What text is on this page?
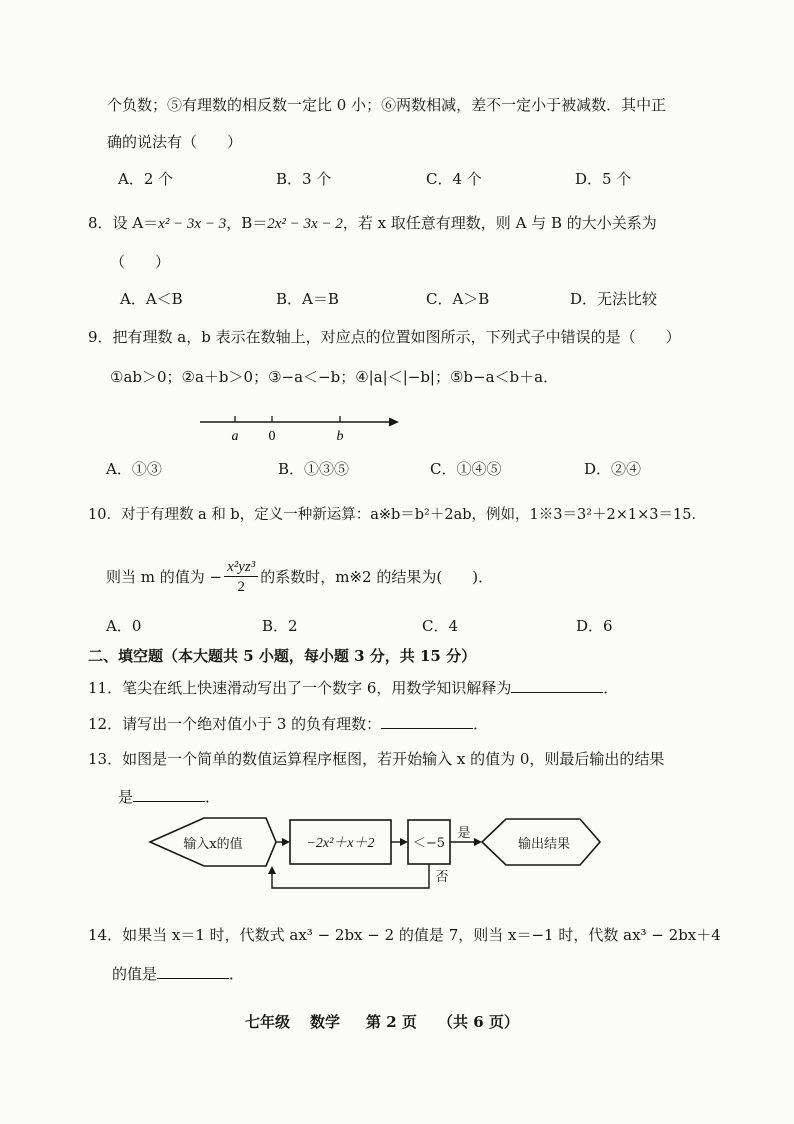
个负数；⑤有理数的相反数一定比 0 小；⑥两数相减，差不一定小于被减数．其中正
确的说法有（　　）
A．2 个	B．3 个	C．4 个	D．5 个
8．设 A＝x² − 3x − 3，B＝2x² − 3x − 2，若 x 取任意有理数，则 A 与 B 的大小关系为
（　　）
A．A＜B	B．A＝B	C．A＞B	D．无法比较
9．把有理数 a，b 表示在数轴上，对应点的位置如图所示，下列式子中错误的是（　　）
①ab＞0；②a＋b＞0；③−a＜−b；④|a|＜|−b|；⑤b−a＜b＋a．
a 0	b
A．①③	B．①③⑤	C．①④⑤	D．②④
10．对于有理数 a 和 b，定义一种新运算：a※b＝b²＋2ab，例如，1※3＝3²＋2×1×3＝15．
则当 m 的值为 − $\frac{\text{x²yz³}}{2}$ 的系数时，m※2 的结果为(　　)．
A．0	B．2	C．4	D．6
二、填空题（本大题共 5 小题，每小题 3 分，共 15 分）
11．笔尖在纸上快速滑动写出了一个数字 6，用数学知识解释为	．
12．请写出一个绝对值小于 3 的负有理数：	．
13．如图是一个简单的数值运算程序框图，若开始输入 x 的值为 0，则最后输出的结果
是	．
输入x的值	−2x²＋x＋2	＜−5
是
否
输出结果
14．如果当 x＝1 时，代数式 ax³ − 2bx − 2 的值是 7，则当 x＝−1 时，代数 ax³ − 2bx＋4
的值是	．
七年级 数学 第 2 页 （共 6 页）
